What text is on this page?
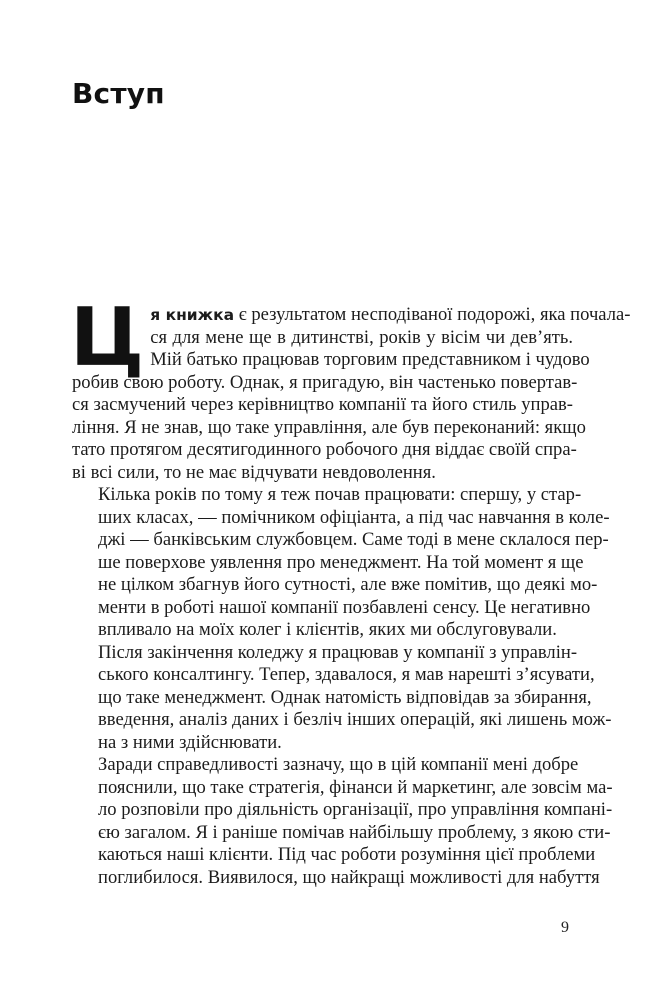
Вступ
Ц я книжка є результатом несподіваної подорожі, яка почала-
ся для мене ще в дитинстві, років у вісім чи дев’ять.
Мій батько працював торговим представником і чудово
робив свою роботу. Однак, я пригадую, він частенько повертав-
ся засмучений через керівництво компанії та його стиль управ-
ління. Я не знав, що таке управління, але був переконаний: якщо
тато протягом десятигодинного робочого дня віддає своїй спра-
ві всі сили, то не має відчувати невдоволення.
Кілька років по тому я теж почав працювати: спершу, у стар-
ших класах, — помічником офіціанта, а під час навчання в колe-
джі — банківським службовцем. Саме тоді в мене склалося пер-
ше поверхове уявлення про менеджмент. На той момент я ще
не цілком збагнув його сутності, але вже помітив, що деякі мо-
менти в роботі нашої компанії позбавлені сенсу. Це негативно
впливало на моїх колег і клієнтів, яких ми обслуговували.
Після закінчення коледжу я працював у компанії з управлін-
ського консалтингу. Тепер, здавалося, я мав нарешті з’ясувати,
що таке менеджмент. Однак натомість відповідав за збирання,
введення, аналіз даних і безліч інших операцій, які лишень мож-
на з ними здійснювати.
Заради справедливості зазначу, що в цій компанії мені добре
пояснили, що таке стратегія, фінанси й маркетинг, але зовсім ма-
ло розповіли про діяльність організації, про управління компані-
єю загалом. Я і раніше помічав найбільшу проблему, з якою сти-
каються наші клієнти. Під час роботи розуміння цієї проблеми
поглибилося. Виявилося, що найкращі можливості для набуття
9
